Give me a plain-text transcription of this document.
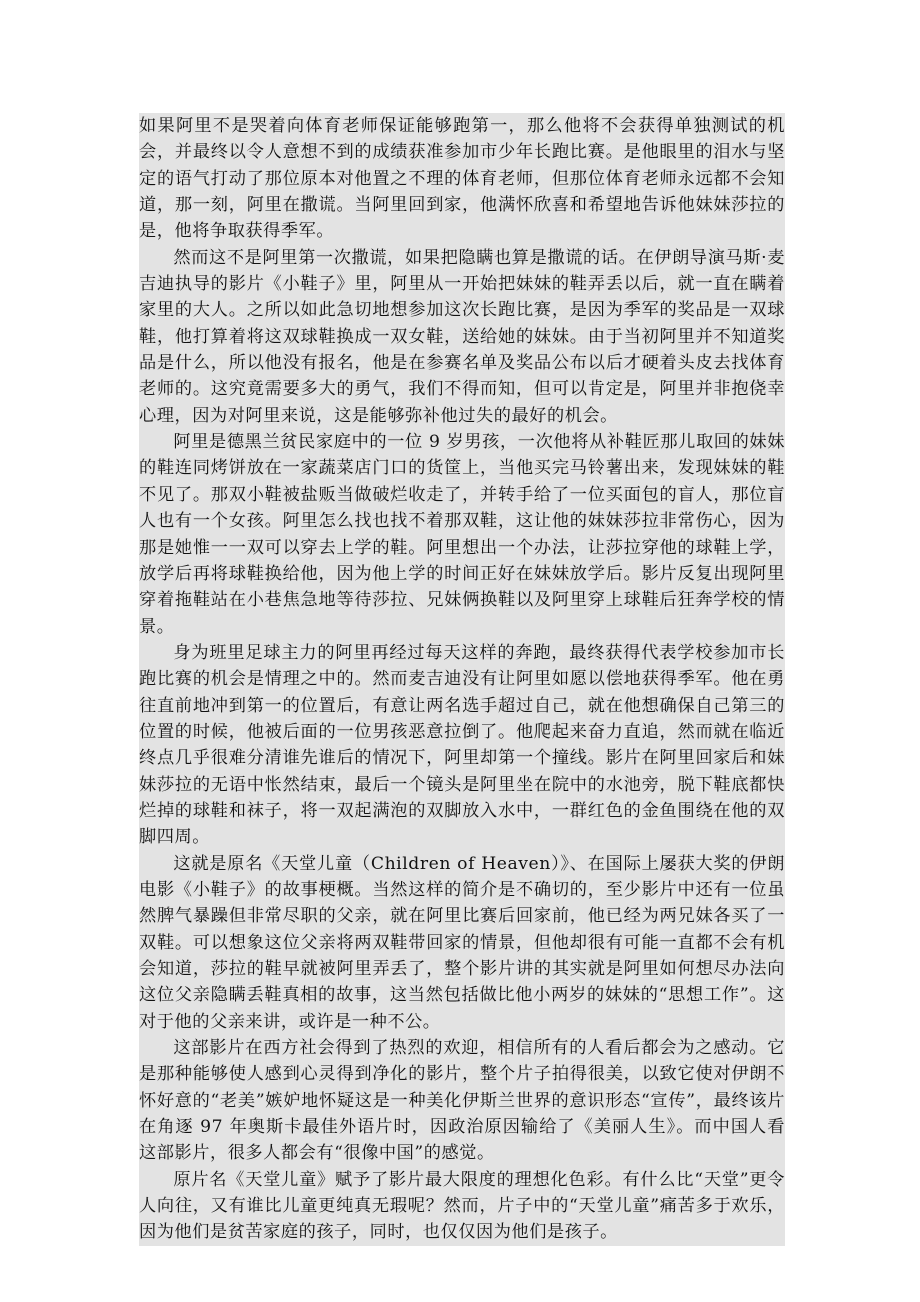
如果阿里不是哭着向体育老师保证能够跑第一，那么他将不会获得单独测试的机会，并最终以令人意想不到的成绩获准参加市少年长跑比赛。是他眼里的泪水与坚定的语气打动了那位原本对他置之不理的体育老师，但那位体育老师永远都不会知道，那一刻，阿里在撒谎。当阿里回到家，他满怀欣喜和希望地告诉他妹妹莎拉的是，他将争取获得季军。

然而这不是阿里第一次撒谎，如果把隐瞒也算是撒谎的话。在伊朗导演马斯·麦吉迪执导的影片《小鞋子》里，阿里从一开始把妹妹的鞋弄丢以后，就一直在瞒着家里的大人。之所以如此急切地想参加这次长跑比赛，是因为季军的奖品是一双球鞋，他打算着将这双球鞋换成一双女鞋，送给她的妹妹。由于当初阿里并不知道奖品是什么，所以他没有报名，他是在参赛名单及奖品公布以后才硬着头皮去找体育老师的。这究竟需要多大的勇气，我们不得而知，但可以肯定是，阿里并非抱侥幸心理，因为对阿里来说，这是能够弥补他过失的最好的机会。

阿里是德黑兰贫民家庭中的一位 9 岁男孩，一次他将从补鞋匠那儿取回的妹妹的鞋连同烤饼放在一家蔬菜店门口的货筐上，当他买完马铃薯出来，发现妹妹的鞋不见了。那双小鞋被盐贩当做破烂收走了，并转手给了一位买面包的盲人，那位盲人也有一个女孩。阿里怎么找也找不着那双鞋，这让他的妹妹莎拉非常伤心，因为那是她惟一一双可以穿去上学的鞋。阿里想出一个办法，让莎拉穿他的球鞋上学，放学后再将球鞋换给他，因为他上学的时间正好在妹妹放学后。影片反复出现阿里穿着拖鞋站在小巷焦急地等待莎拉、兄妹俩换鞋以及阿里穿上球鞋后狂奔学校的情景。

身为班里足球主力的阿里再经过每天这样的奔跑，最终获得代表学校参加市长跑比赛的机会是情理之中的。然而麦吉迪没有让阿里如愿以偿地获得季军。他在勇往直前地冲到第一的位置后，有意让两名选手超过自己，就在他想确保自己第三的位置的时候，他被后面的一位男孩恶意拉倒了。他爬起来奋力直追，然而就在临近终点几乎很难分清谁先谁后的情况下，阿里却第一个撞线。影片在阿里回家后和妹妹莎拉的无语中怅然结束，最后一个镜头是阿里坐在院中的水池旁，脱下鞋底都快烂掉的球鞋和袜子，将一双起满泡的双脚放入水中，一群红色的金鱼围绕在他的双脚四周。

这就是原名《天堂儿童（Children of Heaven）》、在国际上屡获大奖的伊朗电影《小鞋子》的故事梗概。当然这样的简介是不确切的，至少影片中还有一位虽然脾气暴躁但非常尽职的父亲，就在阿里比赛后回家前，他已经为两兄妹各买了一双鞋。可以想象这位父亲将两双鞋带回家的情景，但他却很有可能一直都不会有机会知道，莎拉的鞋早就被阿里弄丢了，整个影片讲的其实就是阿里如何想尽办法向这位父亲隐瞒丢鞋真相的故事，这当然包括做比他小两岁的妹妹的“思想工作”。这对于他的父亲来讲，或许是一种不公。

这部影片在西方社会得到了热烈的欢迎，相信所有的人看后都会为之感动。它是那种能够使人感到心灵得到净化的影片，整个片子拍得很美，以致它使对伊朗不怀好意的“老美”嫉妒地怀疑这是一种美化伊斯兰世界的意识形态“宣传”，最终该片在角逐 97 年奥斯卡最佳外语片时，因政治原因输给了《美丽人生》。而中国人看这部影片，很多人都会有“很像中国”的感觉。

原片名《天堂儿童》赋予了影片最大限度的理想化色彩。有什么比“天堂”更令人向往，又有谁比儿童更纯真无瑕呢？然而，片子中的“天堂儿童”痛苦多于欢乐，因为他们是贫苦家庭的孩子，同时，也仅仅因为他们是孩子。
